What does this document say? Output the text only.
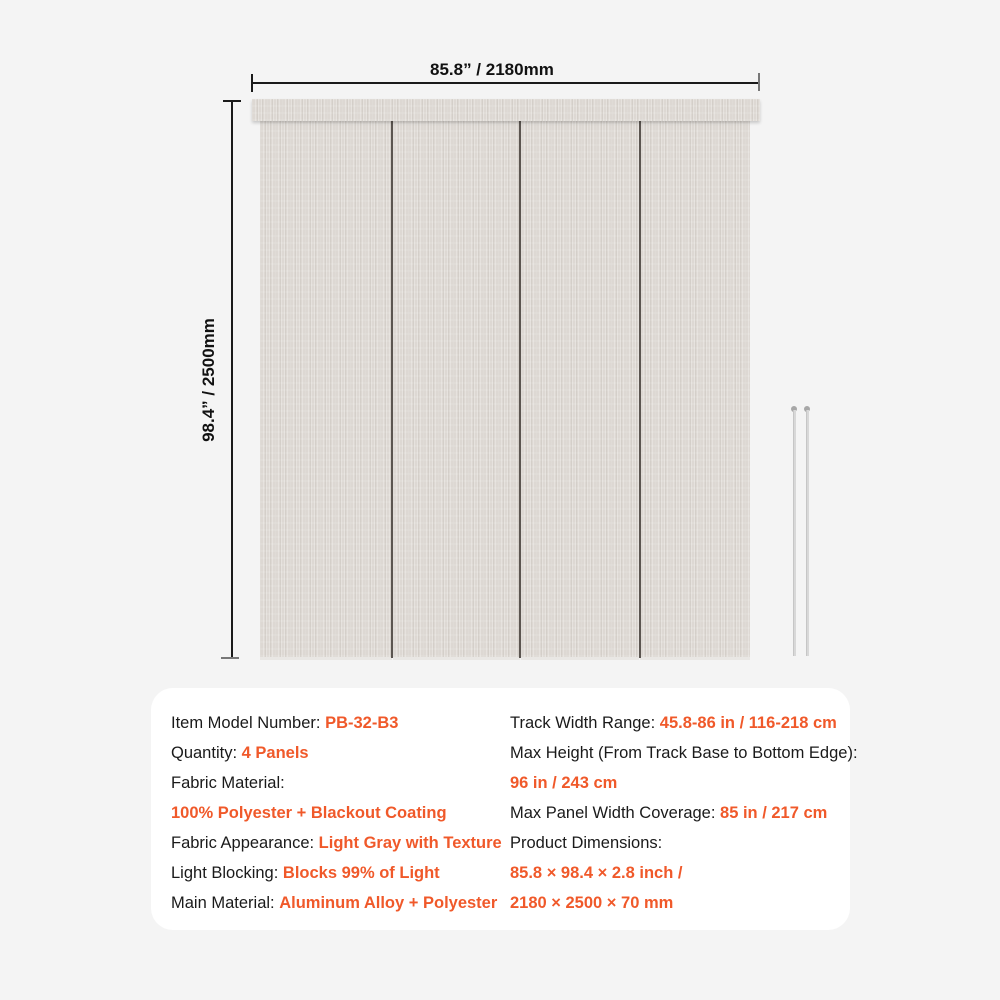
85.8” / 2180mm
98.4” / 2500mm
Item Model Number: PB-32-B3
Quantity: 4 Panels
Fabric Material:
100% Polyester + Blackout Coating
Fabric Appearance: Light Gray with Texture
Light Blocking: Blocks 99% of Light
Main Material: Aluminum Alloy + Polyester
Track Width Range: 45.8-86 in / 116-218 cm
Max Height (From Track Base to Bottom Edge):
96 in / 243 cm
Max Panel Width Coverage: 85 in / 217 cm
Product Dimensions:
85.8 × 98.4 × 2.8 inch /
2180 × 2500 × 70 mm
